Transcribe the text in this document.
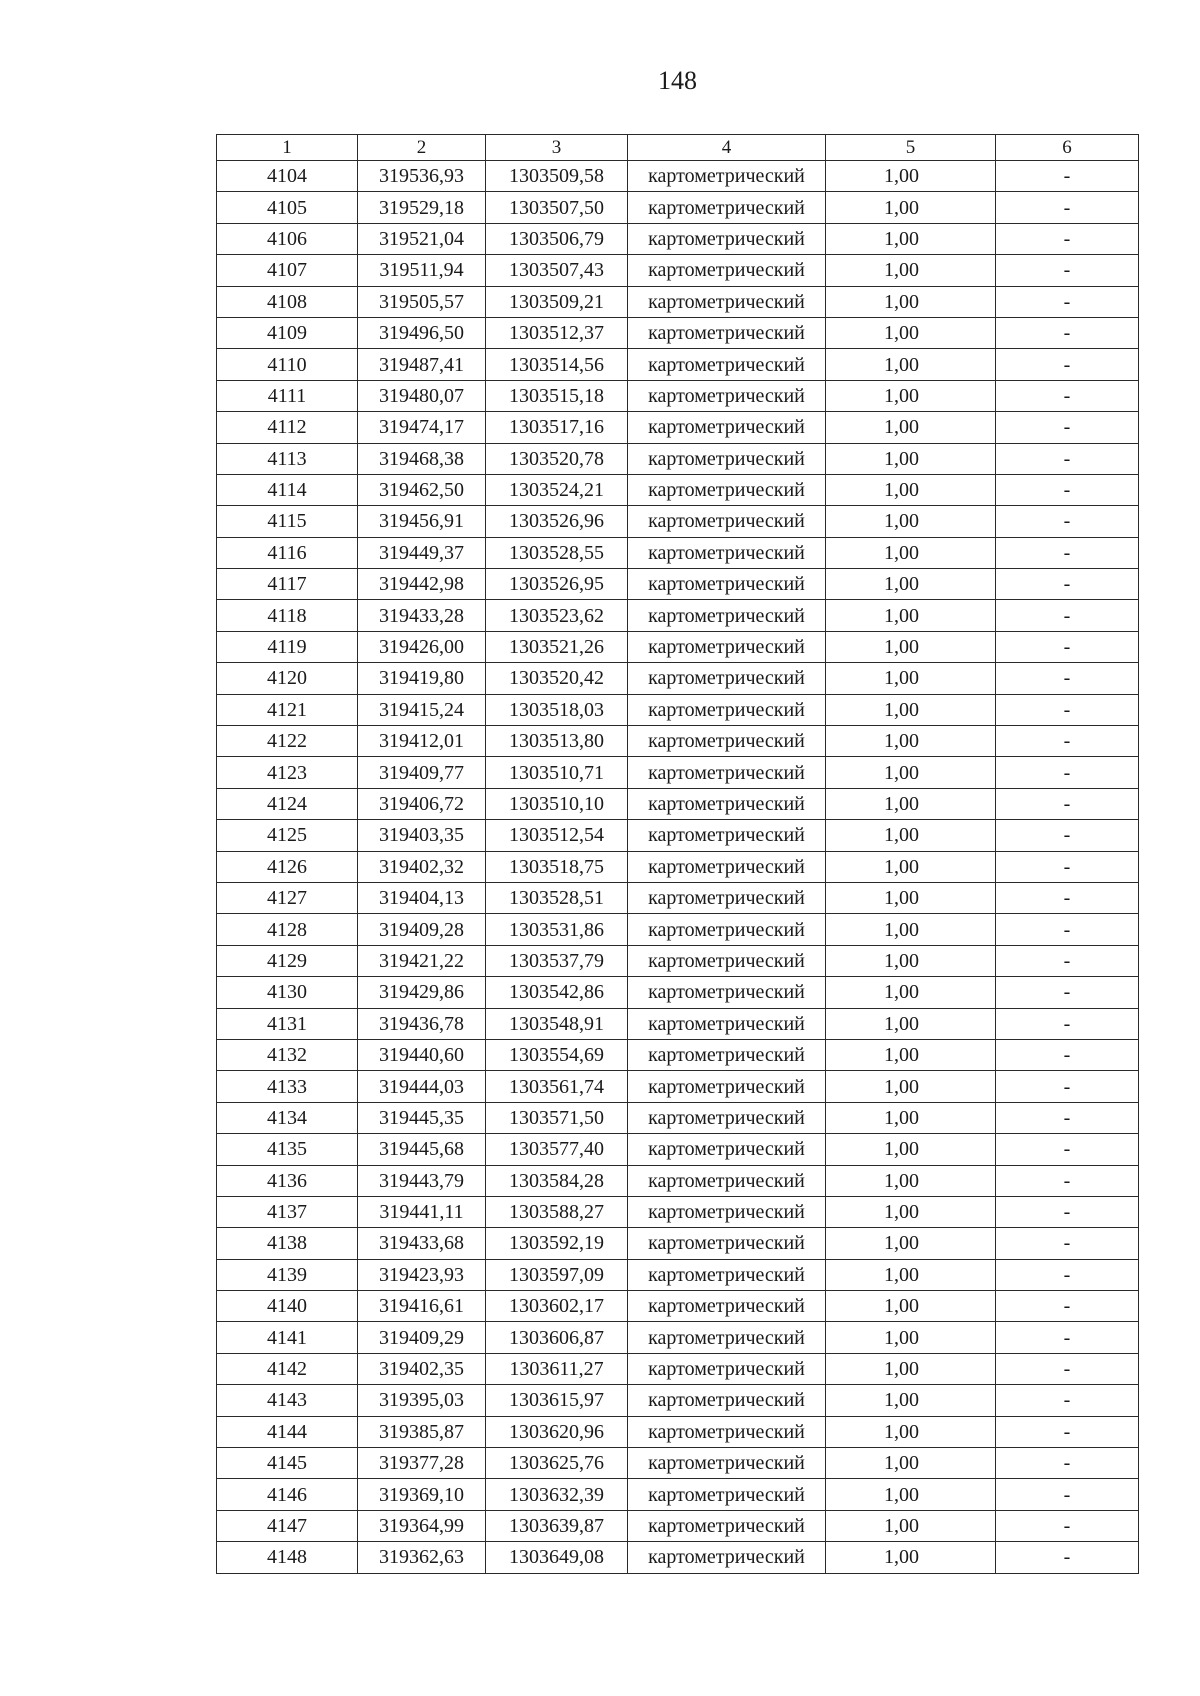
148
1	2	3	4	5	6
4104	319536,93	1303509,58	картометрический	1,00	-
4105	319529,18	1303507,50	картометрический	1,00	-
4106	319521,04	1303506,79	картометрический	1,00	-
4107	319511,94	1303507,43	картометрический	1,00	-
4108	319505,57	1303509,21	картометрический	1,00	-
4109	319496,50	1303512,37	картометрический	1,00	-
4110	319487,41	1303514,56	картометрический	1,00	-
4111	319480,07	1303515,18	картометрический	1,00	-
4112	319474,17	1303517,16	картометрический	1,00	-
4113	319468,38	1303520,78	картометрический	1,00	-
4114	319462,50	1303524,21	картометрический	1,00	-
4115	319456,91	1303526,96	картометрический	1,00	-
4116	319449,37	1303528,55	картометрический	1,00	-
4117	319442,98	1303526,95	картометрический	1,00	-
4118	319433,28	1303523,62	картометрический	1,00	-
4119	319426,00	1303521,26	картометрический	1,00	-
4120	319419,80	1303520,42	картометрический	1,00	-
4121	319415,24	1303518,03	картометрический	1,00	-
4122	319412,01	1303513,80	картометрический	1,00	-
4123	319409,77	1303510,71	картометрический	1,00	-
4124	319406,72	1303510,10	картометрический	1,00	-
4125	319403,35	1303512,54	картометрический	1,00	-
4126	319402,32	1303518,75	картометрический	1,00	-
4127	319404,13	1303528,51	картометрический	1,00	-
4128	319409,28	1303531,86	картометрический	1,00	-
4129	319421,22	1303537,79	картометрический	1,00	-
4130	319429,86	1303542,86	картометрический	1,00	-
4131	319436,78	1303548,91	картометрический	1,00	-
4132	319440,60	1303554,69	картометрический	1,00	-
4133	319444,03	1303561,74	картометрический	1,00	-
4134	319445,35	1303571,50	картометрический	1,00	-
4135	319445,68	1303577,40	картометрический	1,00	-
4136	319443,79	1303584,28	картометрический	1,00	-
4137	319441,11	1303588,27	картометрический	1,00	-
4138	319433,68	1303592,19	картометрический	1,00	-
4139	319423,93	1303597,09	картометрический	1,00	-
4140	319416,61	1303602,17	картометрический	1,00	-
4141	319409,29	1303606,87	картометрический	1,00	-
4142	319402,35	1303611,27	картометрический	1,00	-
4143	319395,03	1303615,97	картометрический	1,00	-
4144	319385,87	1303620,96	картометрический	1,00	-
4145	319377,28	1303625,76	картометрический	1,00	-
4146	319369,10	1303632,39	картометрический	1,00	-
4147	319364,99	1303639,87	картометрический	1,00	-
4148	319362,63	1303649,08	картометрический	1,00	-
